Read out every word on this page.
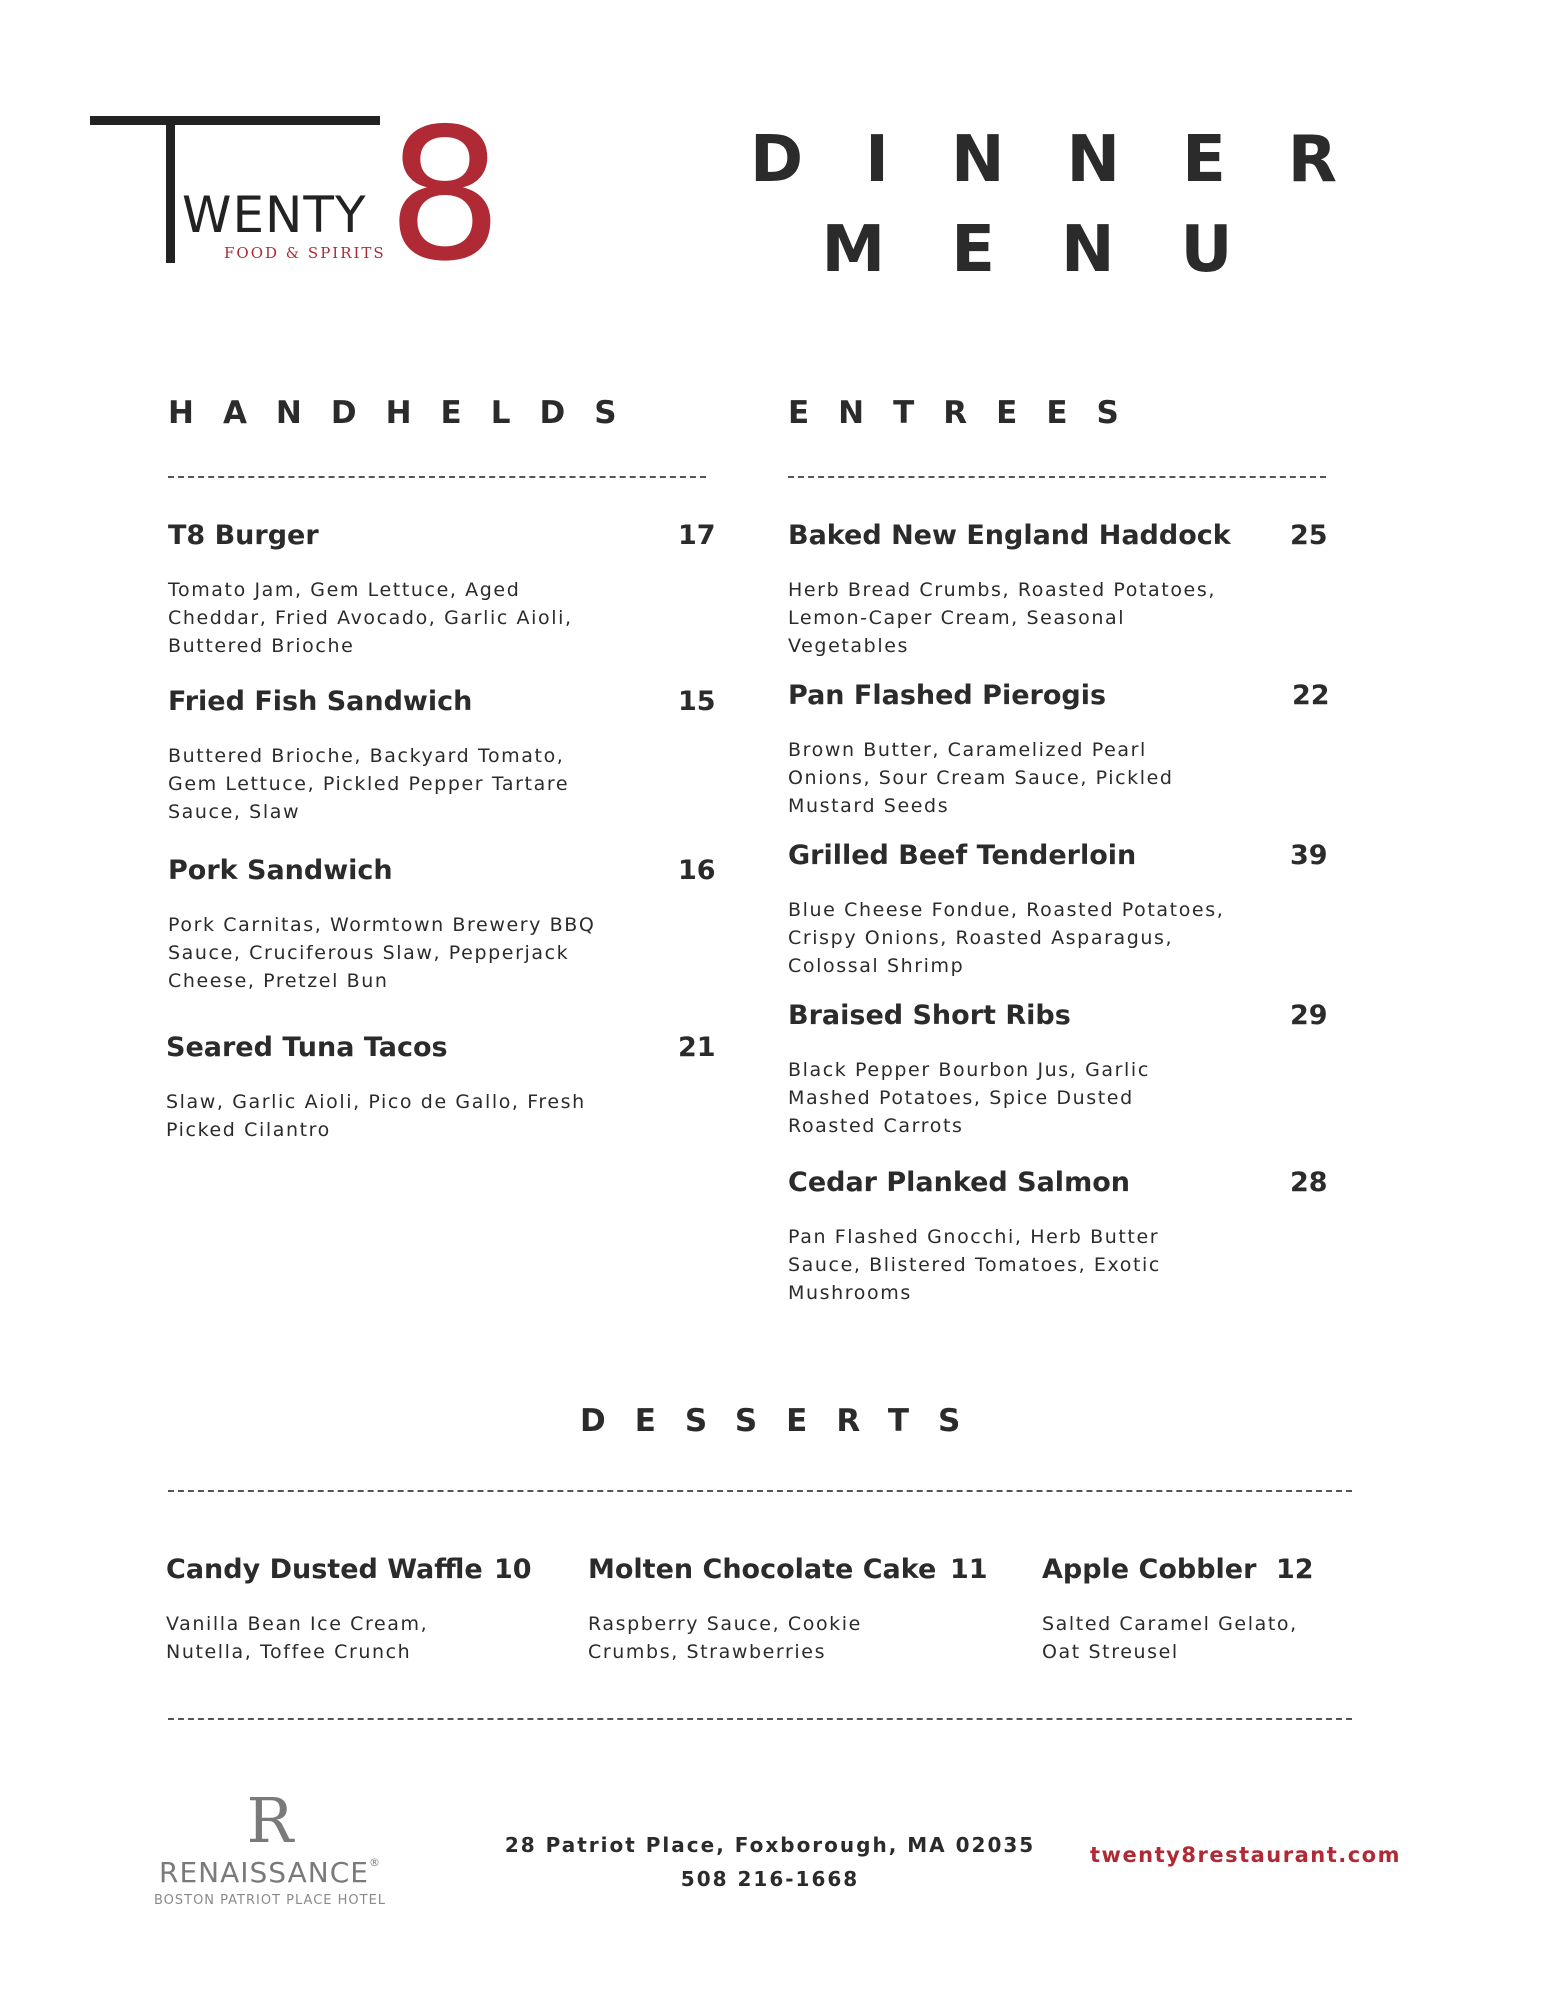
WENTY 8
FOOD & SPIRITS
DINNER
MENU
HANDHELDS
T8 Burger	17
Tomato Jam, Gem Lettuce, Aged
Cheddar, Fried Avocado, Garlic Aioli,
Buttered Brioche
Fried Fish Sandwich	15
Buttered Brioche, Backyard Tomato,
Gem Lettuce, Pickled Pepper Tartare
Sauce, Slaw
Pork Sandwich	16
Pork Carnitas, Wormtown Brewery BBQ
Sauce, Cruciferous Slaw, Pepperjack
Cheese, Pretzel Bun
Seared Tuna Tacos	21
Slaw, Garlic Aioli, Pico de Gallo, Fresh
Picked Cilantro
ENTREES
Baked New England Haddock 25
Herb Bread Crumbs, Roasted Potatoes,
Lemon-Caper Cream, Seasonal
Vegetables
Pan Flashed Pierogis	22
Brown Butter, Caramelized Pearl
Onions, Sour Cream Sauce, Pickled
Mustard Seeds
Grilled Beef Tenderloin	39
Blue Cheese Fondue, Roasted Potatoes,
Crispy Onions, Roasted Asparagus,
Colossal Shrimp
Braised Short Ribs	29
Black Pepper Bourbon Jus, Garlic
Mashed Potatoes, Spice Dusted
Roasted Carrots
Cedar Planked Salmon	28
Pan Flashed Gnocchi, Herb Butter
Sauce, Blistered Tomatoes, Exotic
Mushrooms
DESSERTS
Candy Dusted Waffle 10
Vanilla Bean Ice Cream,
Nutella, Toffee Crunch
Molten Chocolate Cake 11
Raspberry Sauce, Cookie
Crumbs, Strawberries
Apple Cobbler 12
Salted Caramel Gelato,
Oat Streusel
R
RENAISSANCE®
BOSTON PATRIOT PLACE HOTEL
28 Patriot Place, Foxborough, MA 02035
508 216-1668
twenty8restaurant.com
